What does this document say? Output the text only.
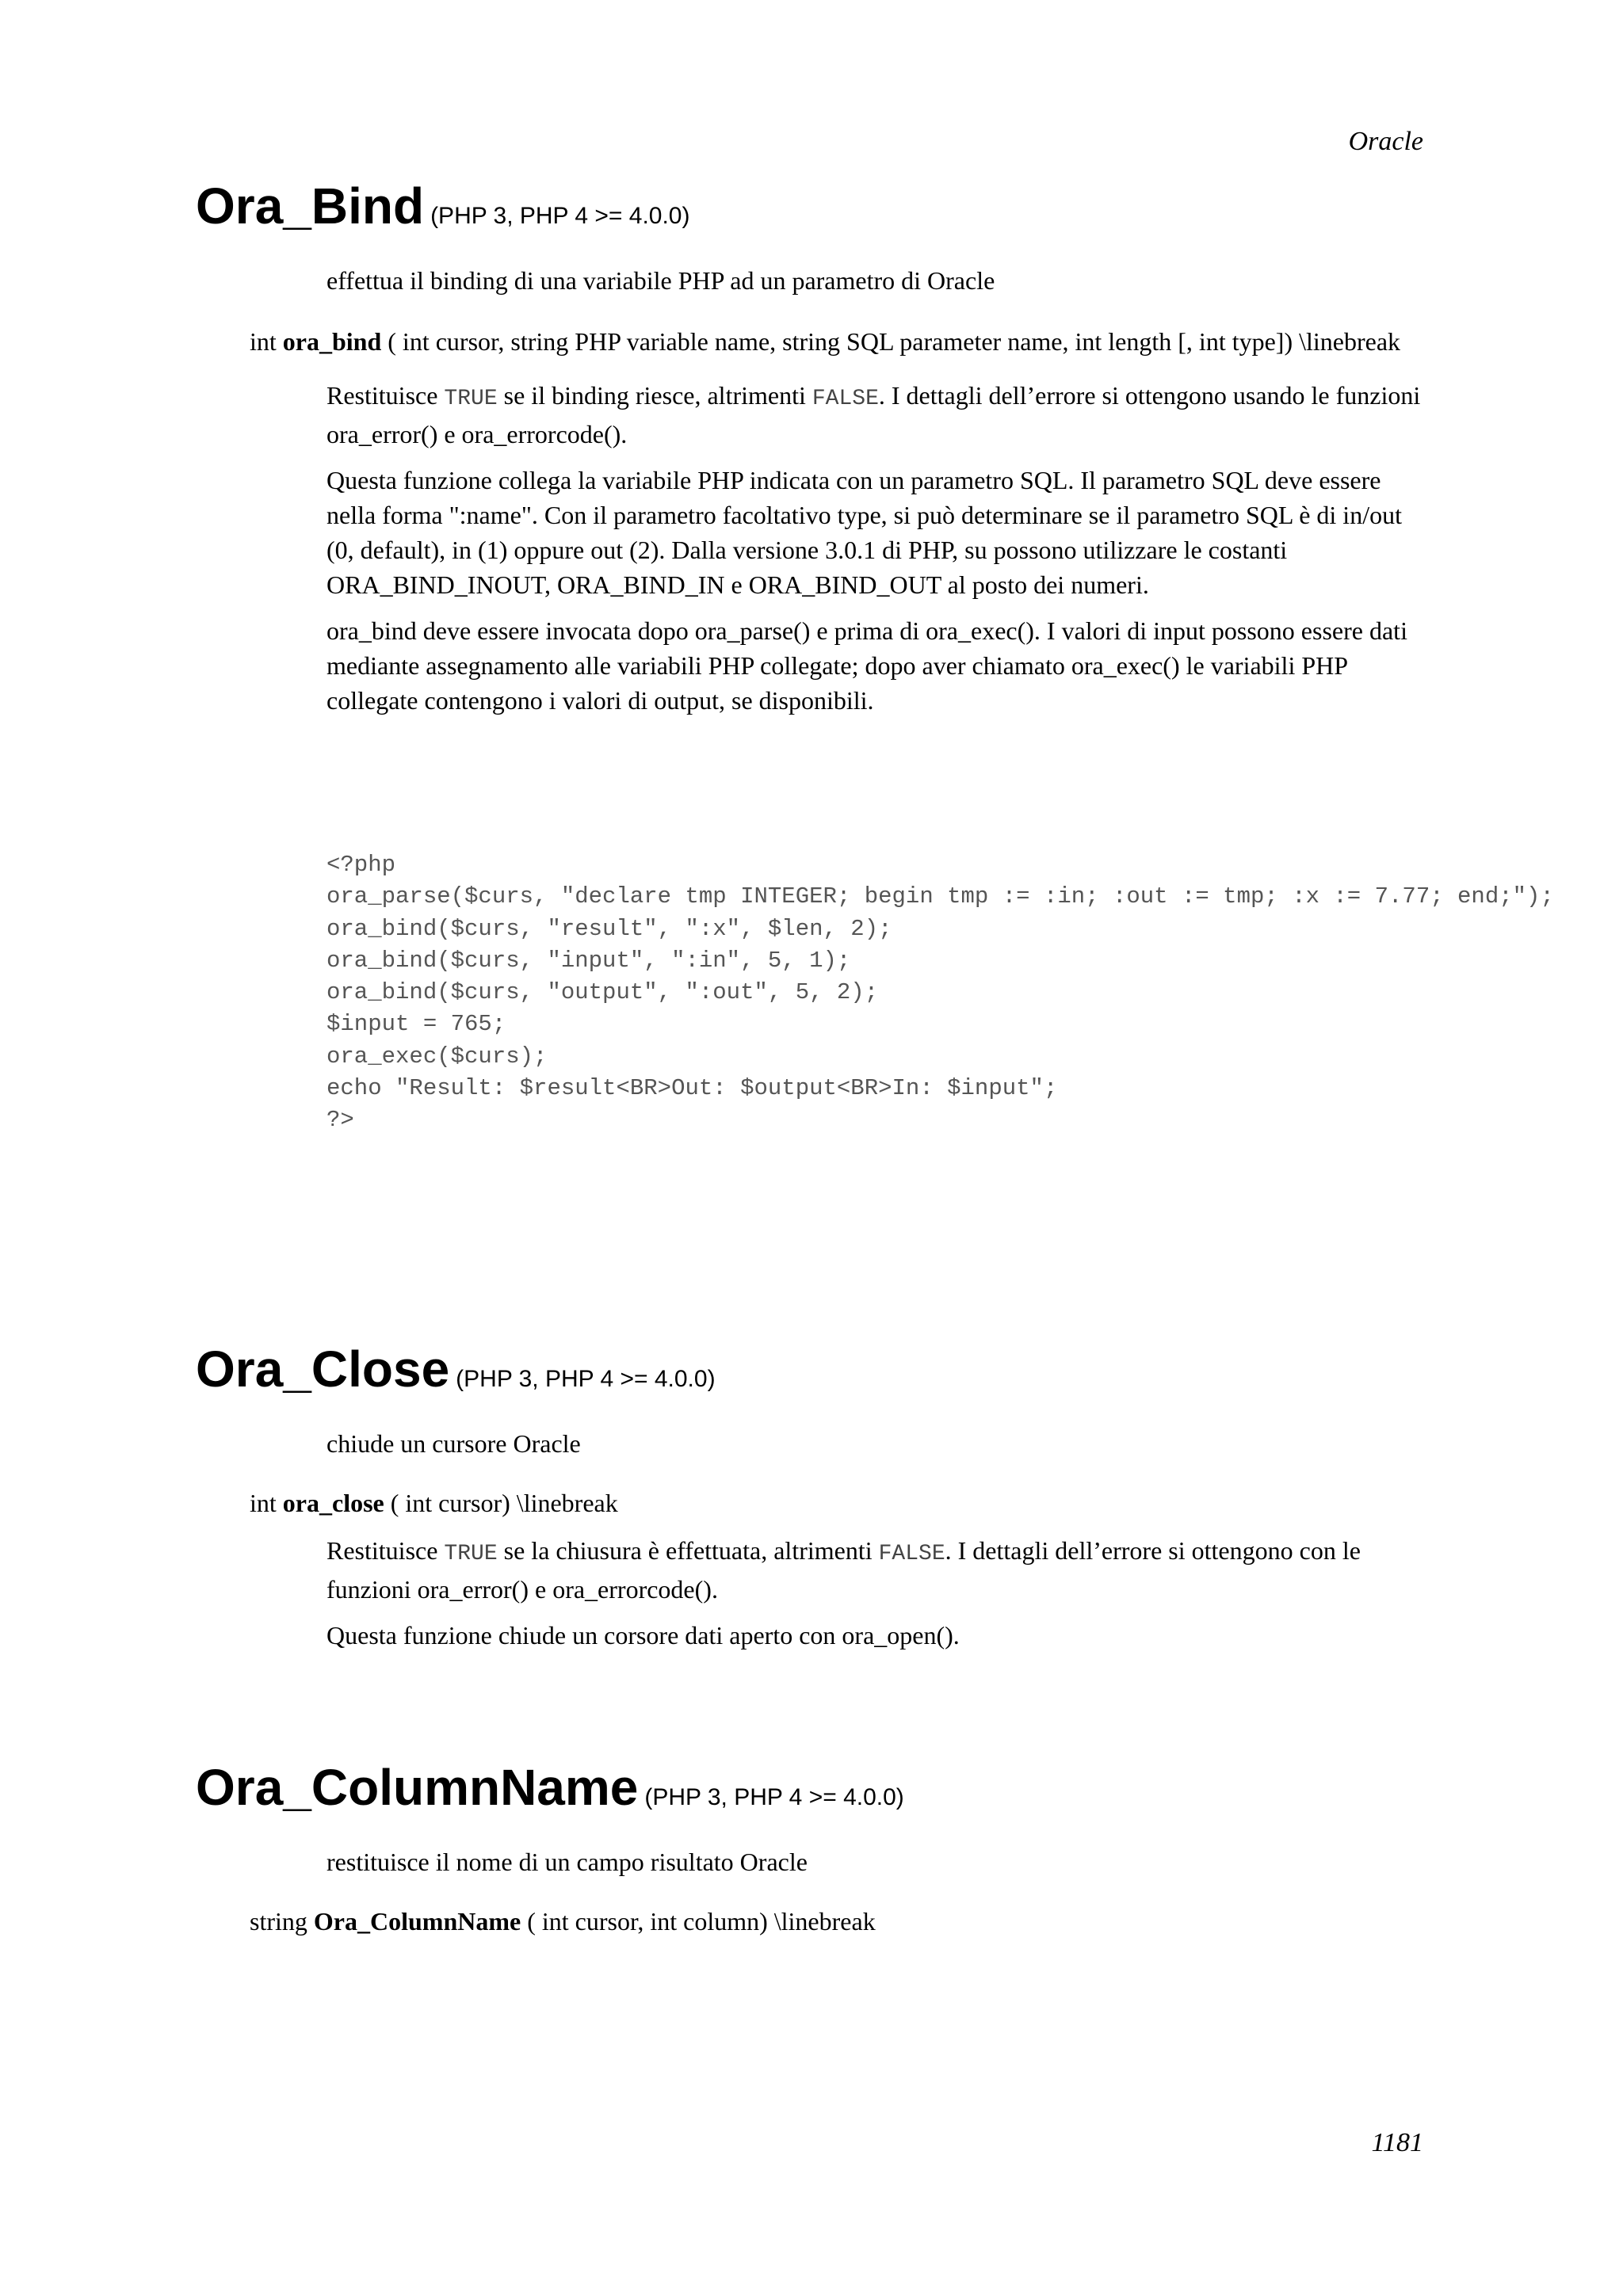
Oracle
Ora_Bind (PHP 3, PHP 4 >= 4.0.0)
effettua il binding di una variabile PHP ad un parametro di Oracle
int ora_bind ( int cursor, string PHP variable name, string SQL parameter name, int length [, int type]) \linebreak

Restituisce TRUE se il binding riesce, altrimenti FALSE. I dettagli dell’errore si ottengono usando le funzioni ora_error() e ora_errorcode().

Questa funzione collega la variabile PHP indicata con un parametro SQL. Il parametro SQL deve essere nella forma ":name". Con il parametro facoltativo type, si può determinare se il parametro SQL è di in/out (0, default), in (1) oppure out (2). Dalla versione 3.0.1 di PHP, su possono utilizzare le costanti ORA_BIND_INOUT, ORA_BIND_IN e ORA_BIND_OUT al posto dei numeri.

ora_bind deve essere invocata dopo ora_parse() e prima di ora_exec(). I valori di input possono essere dati mediante assegnamento alle variabili PHP collegate; dopo aver chiamato ora_exec() le variabili PHP collegate contengono i valori di output, se disponibili.

<?php
ora_parse($curs, "declare tmp INTEGER; begin tmp := :in; :out := tmp; :x := 7.77; end;");
ora_bind($curs, "result", ":x", $len, 2);
ora_bind($curs, "input", ":in", 5, 1);
ora_bind($curs, "output", ":out", 5, 2);
$input = 765;
ora_exec($curs);
echo "Result: $result<BR>Out: $output<BR>In: $input";
?>
Ora_Close (PHP 3, PHP 4 >= 4.0.0)
chiude un cursore Oracle
int ora_close ( int cursor) \linebreak

Restituisce TRUE se la chiusura è effettuata, altrimenti FALSE. I dettagli dell’errore si ottengono con le funzioni ora_error() e ora_errorcode().

Questa funzione chiude un corsore dati aperto con ora_open().

Ora_ColumnName (PHP 3, PHP 4 >= 4.0.0)
restituisce il nome di un campo risultato Oracle
string Ora_ColumnName ( int cursor, int column) \linebreak
1181
